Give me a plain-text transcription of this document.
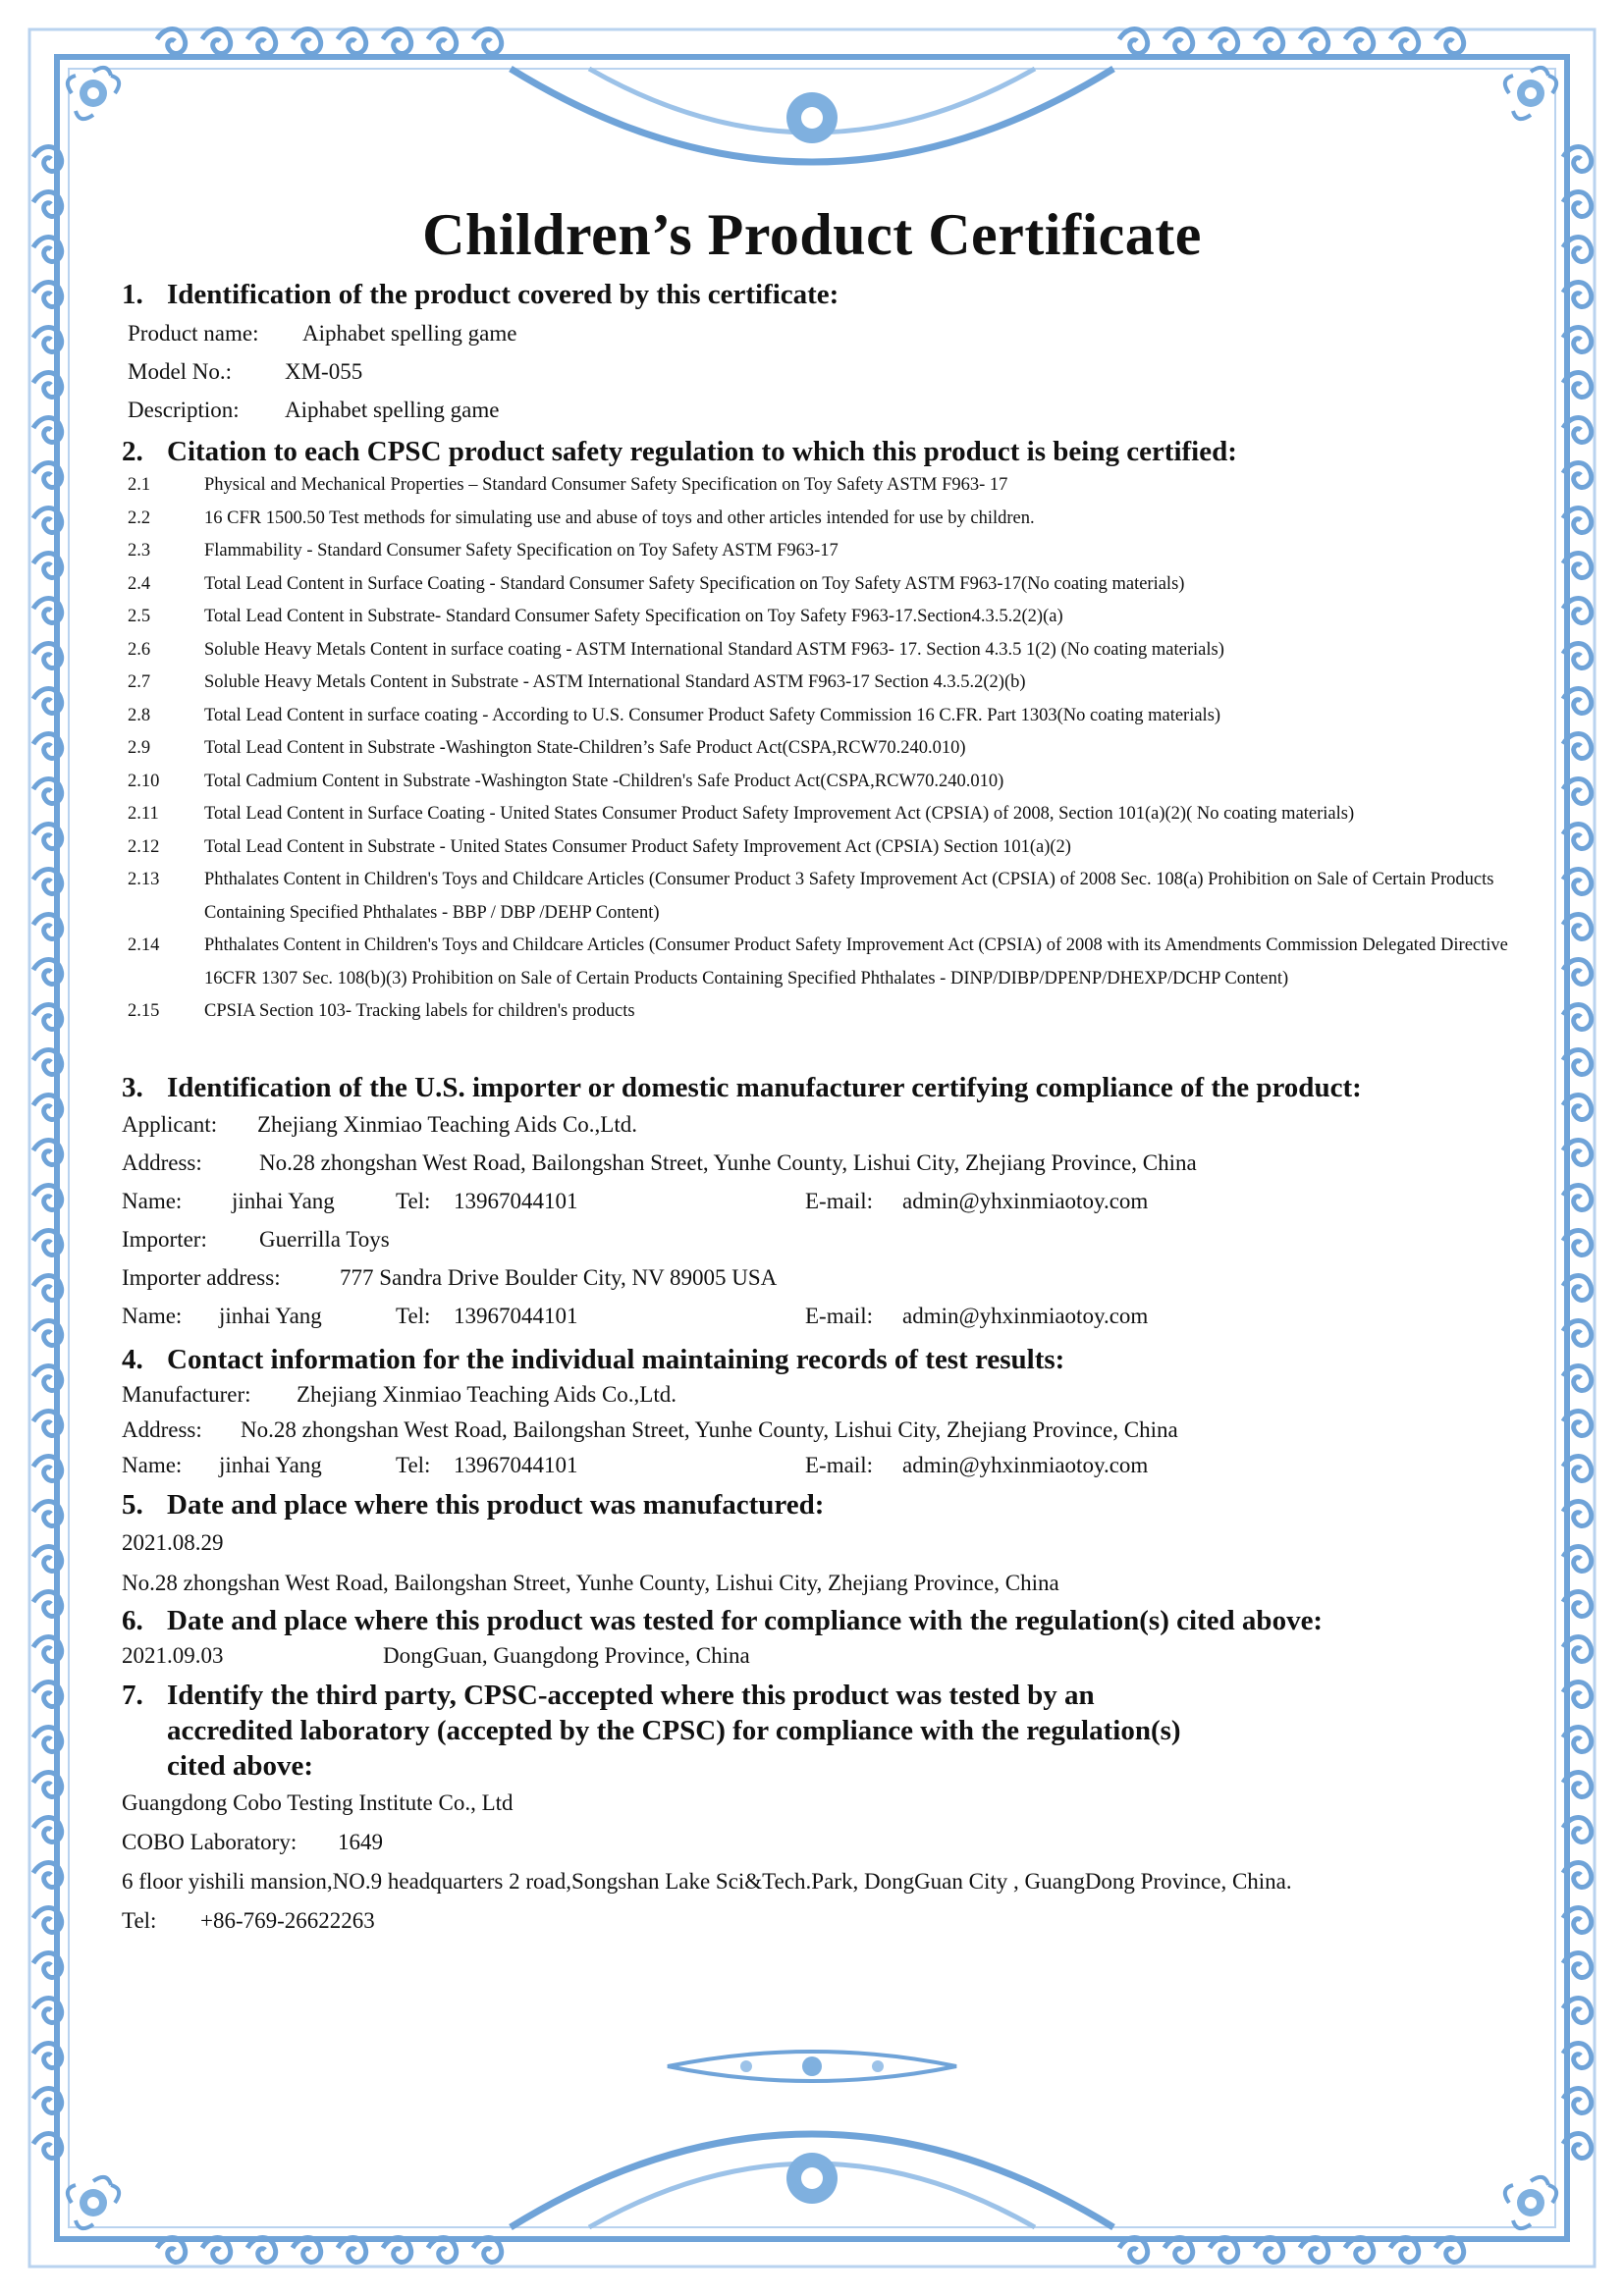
Children’s Product Certificate
1. Identification of the product covered by this certificate:
Product name: Aiphabet spelling game
Model No.: XM-055
Description: Aiphabet spelling game
2. Citation to each CPSC product safety regulation to which this product is being certified:
2.1	Physical and Mechanical Properties – Standard Consumer Safety Specification on Toy Safety ASTM F963- 17
2.2	16 CFR 1500.50 Test methods for simulating use and abuse of toys and other articles intended for use by children.
2.3	Flammability - Standard Consumer Safety Specification on Toy Safety ASTM F963-17
2.4	Total Lead Content in Surface Coating - Standard Consumer Safety Specification on Toy Safety ASTM F963-17(No coating materials)
2.5	Total Lead Content in Substrate- Standard Consumer Safety Specification on Toy Safety F963-17.Section4.3.5.2(2)(a)
2.6	Soluble Heavy Metals Content in surface coating - ASTM International Standard ASTM F963- 17. Section 4.3.5 1(2) (No coating materials)
2.7	Soluble Heavy Metals Content in Substrate - ASTM International Standard ASTM F963-17 Section 4.3.5.2(2)(b)
2.8	Total Lead Content in surface coating - According to U.S. Consumer Product Safety Commission 16 C.FR. Part 1303(No coating materials)
2.9	Total Lead Content in Substrate -Washington State-Children’s Safe Product Act(CSPA,RCW70.240.010)
2.10	Total Cadmium Content in Substrate -Washington State -Children's Safe Product Act(CSPA,RCW70.240.010)
2.11	Total Lead Content in Surface Coating - United States Consumer Product Safety Improvement Act (CPSIA) of 2008, Section 101(a)(2)( No coating materials)
2.12	Total Lead Content in Substrate - United States Consumer Product Safety Improvement Act (CPSIA) Section 101(a)(2)
2.13	Phthalates Content in Children's Toys and Childcare Articles (Consumer Product 3 Safety Improvement Act (CPSIA) of 2008 Sec. 108(a) Prohibition on Sale of Certain Products Containing Specified Phthalates - BBP / DBP /DEHP Content)
2.14	Phthalates Content in Children's Toys and Childcare Articles (Consumer Product Safety Improvement Act (CPSIA) of 2008 with its Amendments Commission Delegated Directive 16CFR 1307 Sec. 108(b)(3) Prohibition on Sale of Certain Products Containing Specified Phthalates - DINP/DIBP/DPENP/DHEXP/DCHP Content)
2.15	CPSIA Section 103- Tracking labels for children's products
3. Identification of the U.S. importer or domestic manufacturer certifying compliance of the product:
Applicant: Zhejiang Xinmiao Teaching Aids Co.,Ltd.
Address:	No.28 zhongshan West Road, Bailongshan Street, Yunhe County, Lishui City, Zhejiang Province, China
Name: jinhai Yang	Tel: 13967044101	E-mail: admin@yhxinmiaotoy.com
Importer: Guerrilla Toys
Importer address:	777 Sandra Drive Boulder City, NV 89005 USA
Name: jinhai Yang	Tel: 13967044101	E-mail: admin@yhxinmiaotoy.com
4. Contact information for the individual maintaining records of test results:
Manufacturer: Zhejiang Xinmiao Teaching Aids Co.,Ltd.
Address: No.28 zhongshan West Road, Bailongshan Street, Yunhe County, Lishui City, Zhejiang Province, China
Name: jinhai Yang	Tel: 13967044101	E-mail: admin@yhxinmiaotoy.com
5. Date and place where this product was manufactured:
2021.08.29
No.28 zhongshan West Road, Bailongshan Street, Yunhe County, Lishui City, Zhejiang Province, China
6. Date and place where this product was tested for compliance with the regulation(s) cited above:
2021.09.03	DongGuan, Guangdong Province, China
7. Identify the third party, CPSC-accepted where this product was tested by an accredited laboratory (accepted by the CPSC) for compliance with the regulation(s) cited above:
Guangdong Cobo Testing Institute Co., Ltd
COBO Laboratory: 1649
6 floor yishili mansion,NO.9 headquarters 2 road,Songshan Lake Sci&Tech.Park, DongGuan City , GuangDong Province, China.
Tel: +86-769-26622263
